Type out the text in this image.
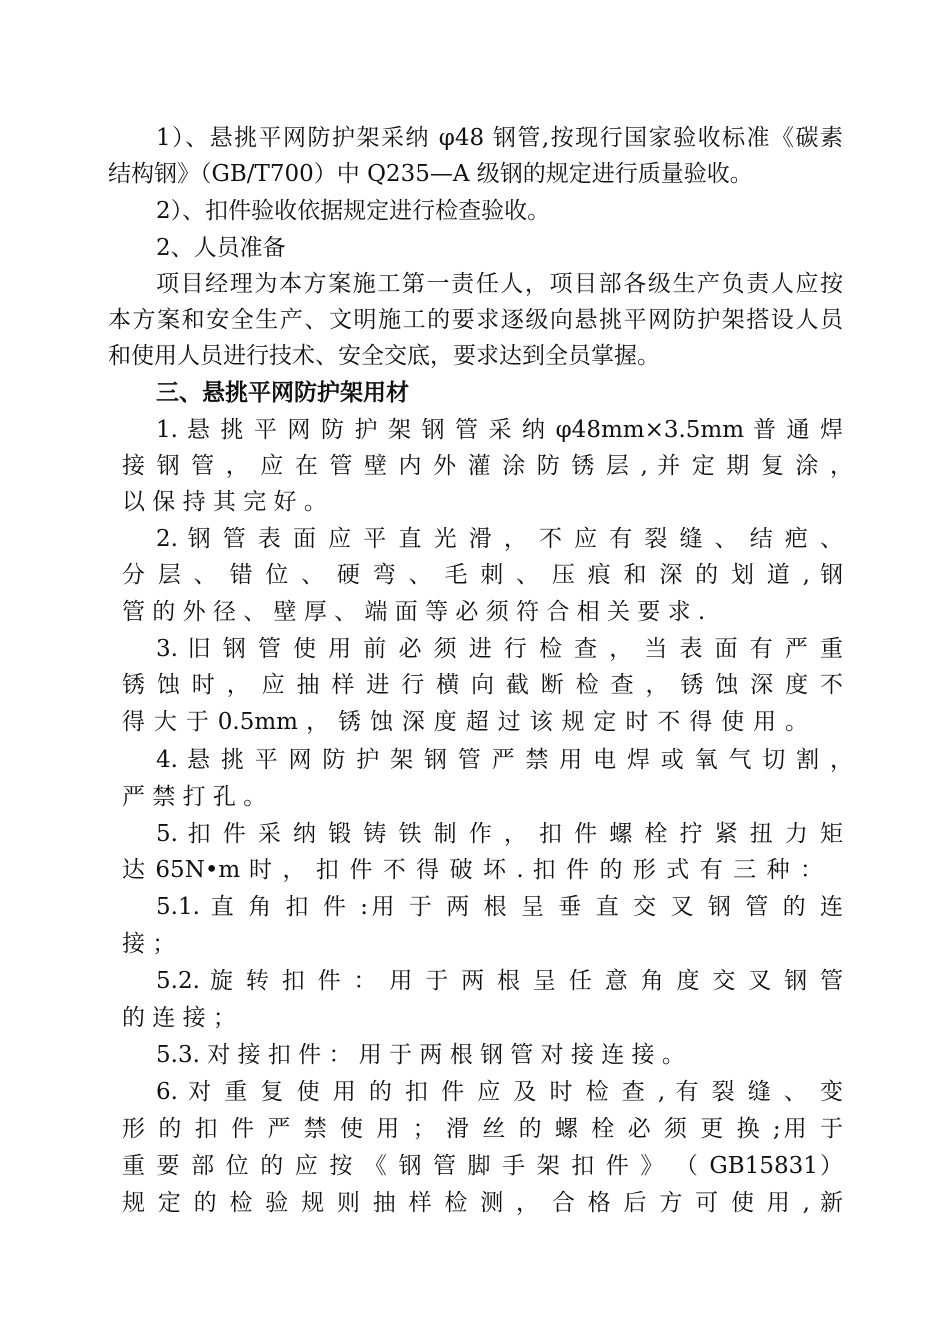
1）、悬挑平网防护架采纳 φ48 钢管,按现行国家验收标准《碳素
结构钢》（GB/T700）中 Q235—A 级钢的规定进行质量验收。
2）、扣件验收依据规定进行检查验收。
2、人员准备
项目经理为本方案施工第一责任人，项目部各级生产负责人应按
本方案和安全生产、文明施工的要求逐级向悬挑平网防护架搭设人员
和使用人员进行技术、安全交底，要求达到全员掌握。
三、悬挑平网防护架用材
1. 悬 挑 平 网 防 护 架 钢 管 采 纳 φ48mm×3.5mm 普 通 焊
接 钢 管 ， 应 在 管 壁 内 外 灌 涂 防 锈 层 , 并 定 期 复 涂 ，
以 保 持 其 完 好 。
2. 钢 管 表 面 应 平 直 光 滑 ， 不 应 有 裂 缝 、 结 疤 、
分 层 、 错 位 、 硬 弯 、 毛 刺 、 压 痕 和 深 的 划 道 , 钢
管 的 外 径 、 壁 厚 、 端 面 等 必 须 符 合 相 关 要 求 .
3. 旧 钢 管 使 用 前 必 须 进 行 检 查 ， 当 表 面 有 严 重
锈 蚀 时 ， 应 抽 样 进 行 横 向 截 断 检 查 ， 锈 蚀 深 度 不
得 大 于 0.5mm ， 锈 蚀 深 度 超 过 该 规 定 时 不 得 使 用 。
4. 悬 挑 平 网 防 护 架 钢 管 严 禁 用 电 焊 或 氧 气 切 割 ，
严 禁 打 孔 。
5. 扣 件 采 纳 锻 铸 铁 制 作 ， 扣 件 螺 栓 拧 紧 扭 力 矩
达 65N•m 时 ， 扣 件 不 得 破 坏 . 扣 件 的 形 式 有 三 种 ：
5.1. 直 角 扣 件 :用 于 两 根 呈 垂 直 交 叉 钢 管 的 连
接 ；
5.2. 旋 转 扣 件 ： 用 于 两 根 呈 任 意 角 度 交 叉 钢 管
的 连 接 ；
5.3. 对 接 扣 件 ： 用 于 两 根 钢 管 对 接 连 接 。
6. 对 重 复 使 用 的 扣 件 应 及 时 检 查 , 有 裂 缝 、 变
形 的 扣 件 严 禁 使 用 ； 滑 丝 的 螺 栓 必 须 更 换 ;用 于
重 要 部 位 的 应 按 《 钢 管 脚 手 架 扣 件 》 （ GB15831）
规 定 的 检 验 规 则 抽 样 检 测 ， 合 格 后 方 可 使 用 , 新
